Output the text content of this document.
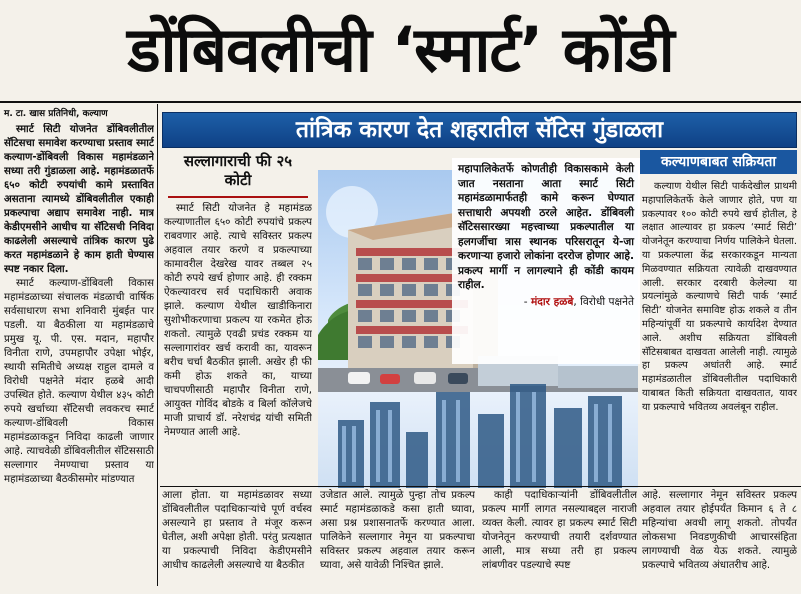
डोंबिवलीची ‘स्मार्ट’ कोंडी
म. टा. खास प्रतिनिधी, कल्याण

स्मार्ट सिटी योजनेत डोंबिवलीतील सॅटिसचा समावेश करण्याचा प्रस्ताव स्मार्ट कल्याण-डोंबिवली विकास महामंडळाने सध्या तरी गुंडाळला आहे. महामंडळातर्फे ६५० कोटी रुपयांची कामे प्रस्तावित असताना त्यामध्ये डोंबिवलीतील एकाही प्रकल्पाचा अद्याप समावेश नाही. मात्र केडीएमसीने आधीच या सॅटिसची निविदा काढलेली असल्याचे तांत्रिक कारण पुढे करत महामंडळाने हे काम हाती घेण्यास स्पष्ट नकार दिला.

स्मार्ट कल्याण-डोंबिवली विकास महामंडळाच्या संचालक मंडळाची वार्षिक सर्वसाधारण सभा शनिवारी मुंबईत पार पडली. या बैठकीला या महामंडळाचे प्रमुख यू. पी. एस. मदान, महापौर विनीता राणे, उपमहापौर उपेक्षा भोईर, स्थायी समितीचे अध्यक्ष राहुल दामले व विरोधी पक्षनेते मंदार हळबे आदी उपस्थित होते. कल्याण येथील ४३५ कोटी रुपये खर्चाच्या सॅटिसची लवकरच स्मार्ट कल्याण-डोंबिवली विकास महामंडळाकडून निविदा काढली जाणार आहे. त्याचवेळी डोंबिवलीतील सॅटिससाठी सल्लागार नेमण्याचा प्रस्ताव या महामंडळाच्या बैठकीसमोर मांडण्यात

तांत्रिक कारण देत शहरातील सॅटिस गुंडाळला
सल्लागाराची फी २५ कोटी
स्मार्ट सिटी योजनेत हे महामंडळ कल्याणातील ६५० कोटी रुपयांचे प्रकल्प राबवणार आहे. त्याचे सविस्तर प्रकल्प अहवाल तयार करणे व प्रकल्पाच्या कामावरील देखरेख यावर तब्बल २५ कोटी रुपये खर्च होणार आहे. ही रक्कम ऐकल्यावरच सर्व पदाधिकारी अवाक झाले. कल्याण येथील खाडीकिनारा सुशोभीकरणाचा प्रकल्प या रकमेत होऊ शकतो. त्यामुळे एवढी प्रचंड रक्कम या सल्लागारांवर खर्च करावी का, यावरून बरीच चर्चा बैठकीत झाली. अखेर ही फी कमी होऊ शकते का, याच्या चाचपणीसाठी महापौर विनीता राणे, आयुक्त गोविंद बोडके व बिर्ला कॉलेजचे माजी प्राचार्य डॉ. नरेशचंद्र यांची समिती नेमण्यात आली आहे.
महापालिकेतर्फे कोणतीही विकासकामे केली जात नसताना आता स्मार्ट सिटी महामंडळामार्फतही कामे करून घेण्यात सत्ताधारी अपयशी ठरले आहेत. डोंबिवली सॅटिससारख्या महत्त्वाच्या प्रकल्पातील या हलगर्जीचा त्रास स्थानक परिसरातून ये-जा करणाऱ्या हजारो लोकांना दररोज होणार आहे. प्रकल्प मार्गी न लागल्याने ही कोंडी कायम राहील.
- मंदार हळबे, विरोधी पक्षनेते
कल्याणबाबत सक्रियता
कल्याण येथील सिटी पार्कदेखील प्राथमी महापालिकेतर्फे केले जाणार होते, पण या प्रकल्पावर १०० कोटी रुपये खर्च होतील, हे लक्षात आल्यावर हा प्रकल्प ‘स्मार्ट सिटी’ योजनेतून करण्याचा निर्णय पालिकेने घेतला. या प्रकल्पाला केंद्र सरकारकडून मान्यता मिळवण्यात सक्रियता त्यावेळी दाखवण्यात आली. सरकार दरबारी केलेल्या या प्रयत्नांमुळे कल्याणचे सिटी पार्क ‘स्मार्ट सिटी’ योजनेत समाविष्ट होऊ शकले व तीन महिन्यांपूर्वी या प्रकल्पाचे कार्यादेश देण्यात आले. अशीच सक्रियता डोंबिवली सॅटिसबाबत दाखवता आलेली नाही. त्यामुळे हा प्रकल्प अधांतरी आहे. स्मार्ट महामंडळातील डोंबिवलीतील पदाधिकारी याबाबत किती सक्रियता दाखवतात, यावर या प्रकल्पाचे भवितव्य अवलंबून राहील.
आला होता. या महामंडळावर सध्या डोंबिवलीतील पदाधिकाऱ्यांचे पूर्ण वर्चस्व असल्याने हा प्रस्ताव ते मंजूर करून घेतील, अशी अपेक्षा होती. परंतु प्रत्यक्षात या प्रकल्पाची निविदा केडीएमसीने आधीच काढलेली असल्याचे या बैठकीत
उजेडात आले. त्यामुळे पुन्हा तोच प्रकल्प स्मार्ट महामंडळाकडे कसा हाती घ्यावा, असा प्रश्न प्रशासनातर्फे करण्यात आला. पालिकेने सल्लागार नेमून या प्रकल्पाचा सविस्तर प्रकल्प अहवाल तयार करून घ्यावा, असे यावेळी निश्चित झाले.
काही पदाधिकाऱ्यांनी डोंबिवलीतील प्रकल्प मार्गी लागत नसल्याबद्दल नाराजी व्यक्त केली. त्यावर हा प्रकल्प स्मार्ट सिटी योजनेतून करण्याची तयारी दर्शवण्यात आली, मात्र सध्या तरी हा प्रकल्प लांबणीवर पडल्याचे स्पष्ट
आहे. सल्लागार नेमून सविस्तर प्रकल्प अहवाल तयार होईपर्यंत किमान ६ ते ८ महिन्यांचा अवधी लागू शकतो. तोपर्यंत लोकसभा निवडणुकीची आचारसंहिता लागण्याची वेळ येऊ शकते. त्यामुळे प्रकल्पाचे भवितव्य अंधातरीच आहे.
